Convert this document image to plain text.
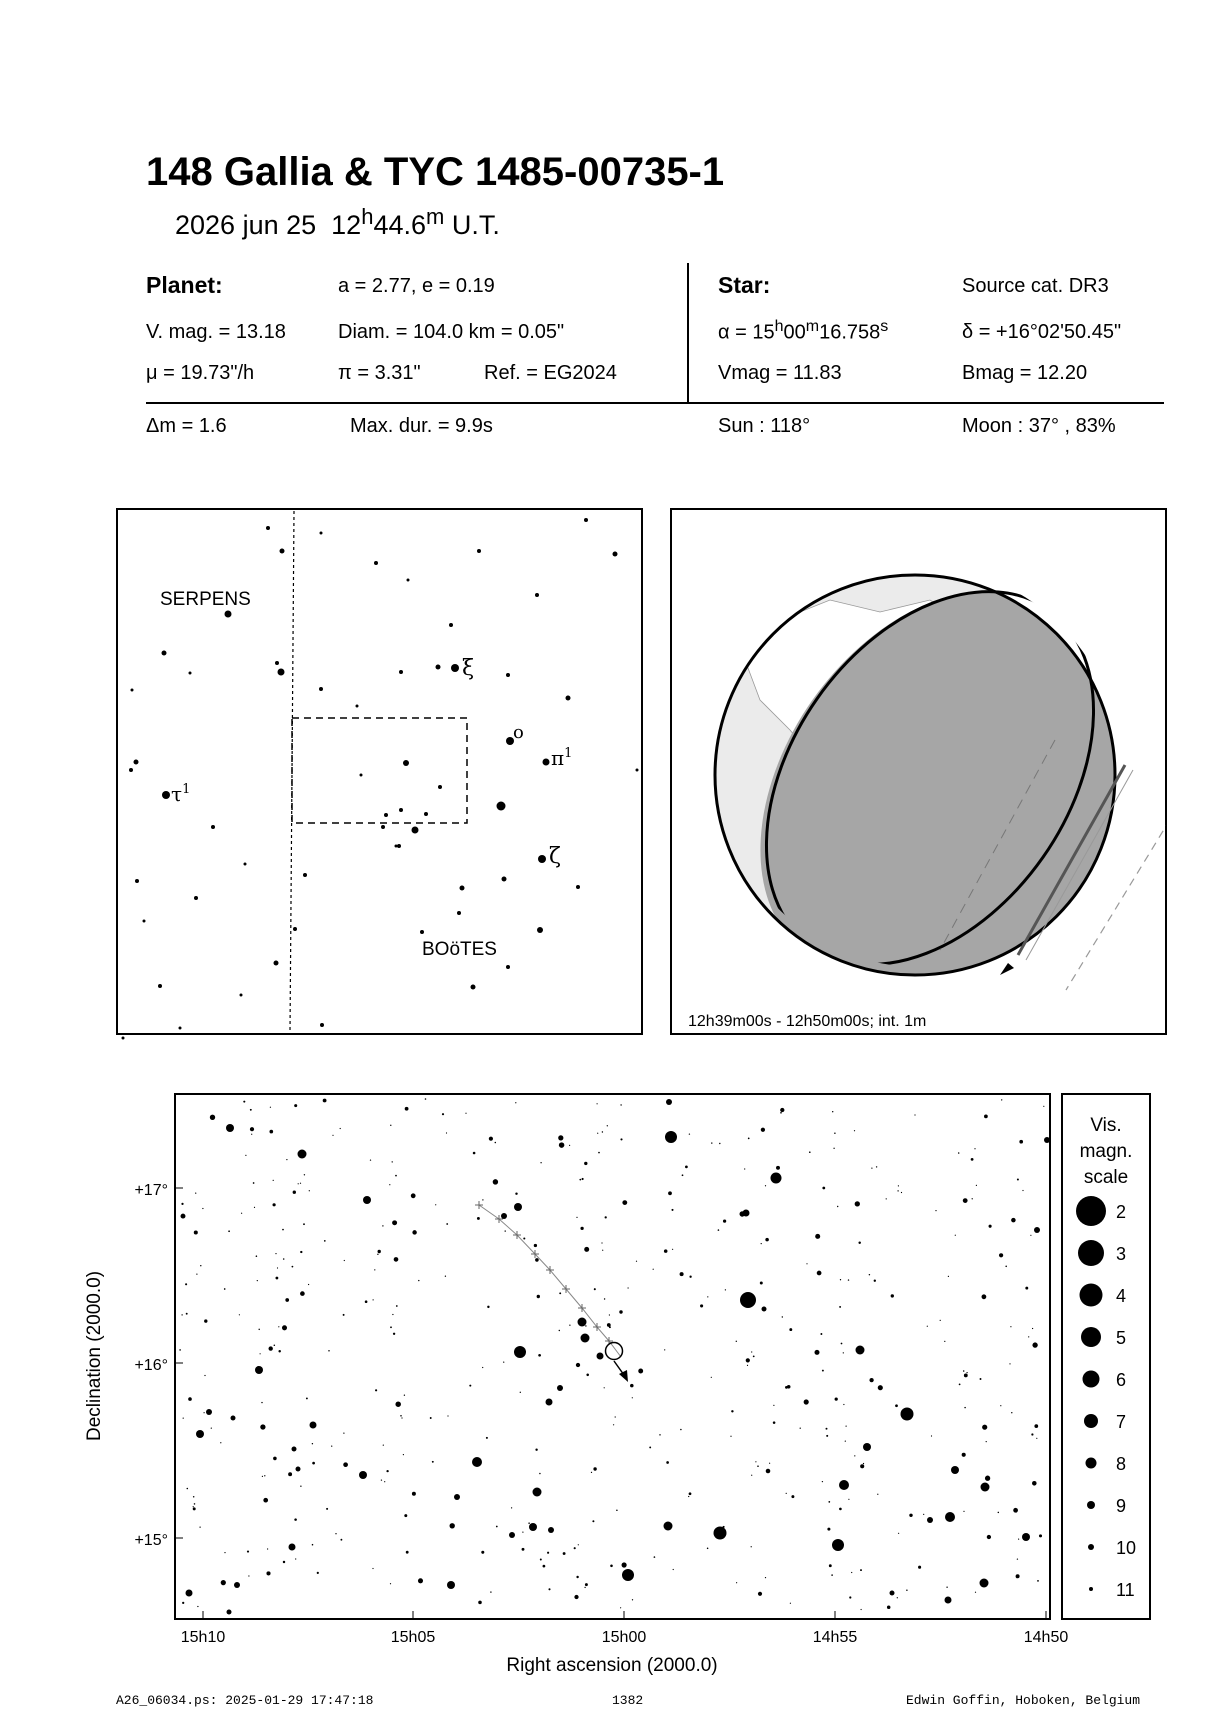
148 Gallia & TYC 1485-00735-1
2026 jun 25 12$^h$44.6$^m$ U.T.
Planet:	a = 2.77, e = 0.19
V. mag. = 13.18	Diam. = 104.0 km = 0.05"
μ = 19.73"/h	π = 3.31"	Ref. = EG2024
Star:	Source cat. DR3
$\alpha = 15^h00^m16.758^s$	δ = +16°02'50.45"
Vmag = 11.83	Bmag = 12.20
Δm = 1.6	Max. dur. = 9.9s	Sun : 118°	Moon : 37° , 83%
SERPENS
BOöTES
ξ
o
$\pi^1$
ζ
$\tau^1$
12h39m00s - 12h50m00s; int. 1m
+17°
+16°
+15°
Declination (2000.0)
15h10	15h05	15h00	14h55	14h50
Right ascension (2000.0)
Vis.
magn.
scale
2
3
4
5
6
7
8
9
10
11
A26_06034.ps: 2025-01-29 17:47:18	1382	Edwin Goffin, Hoboken, Belgium
